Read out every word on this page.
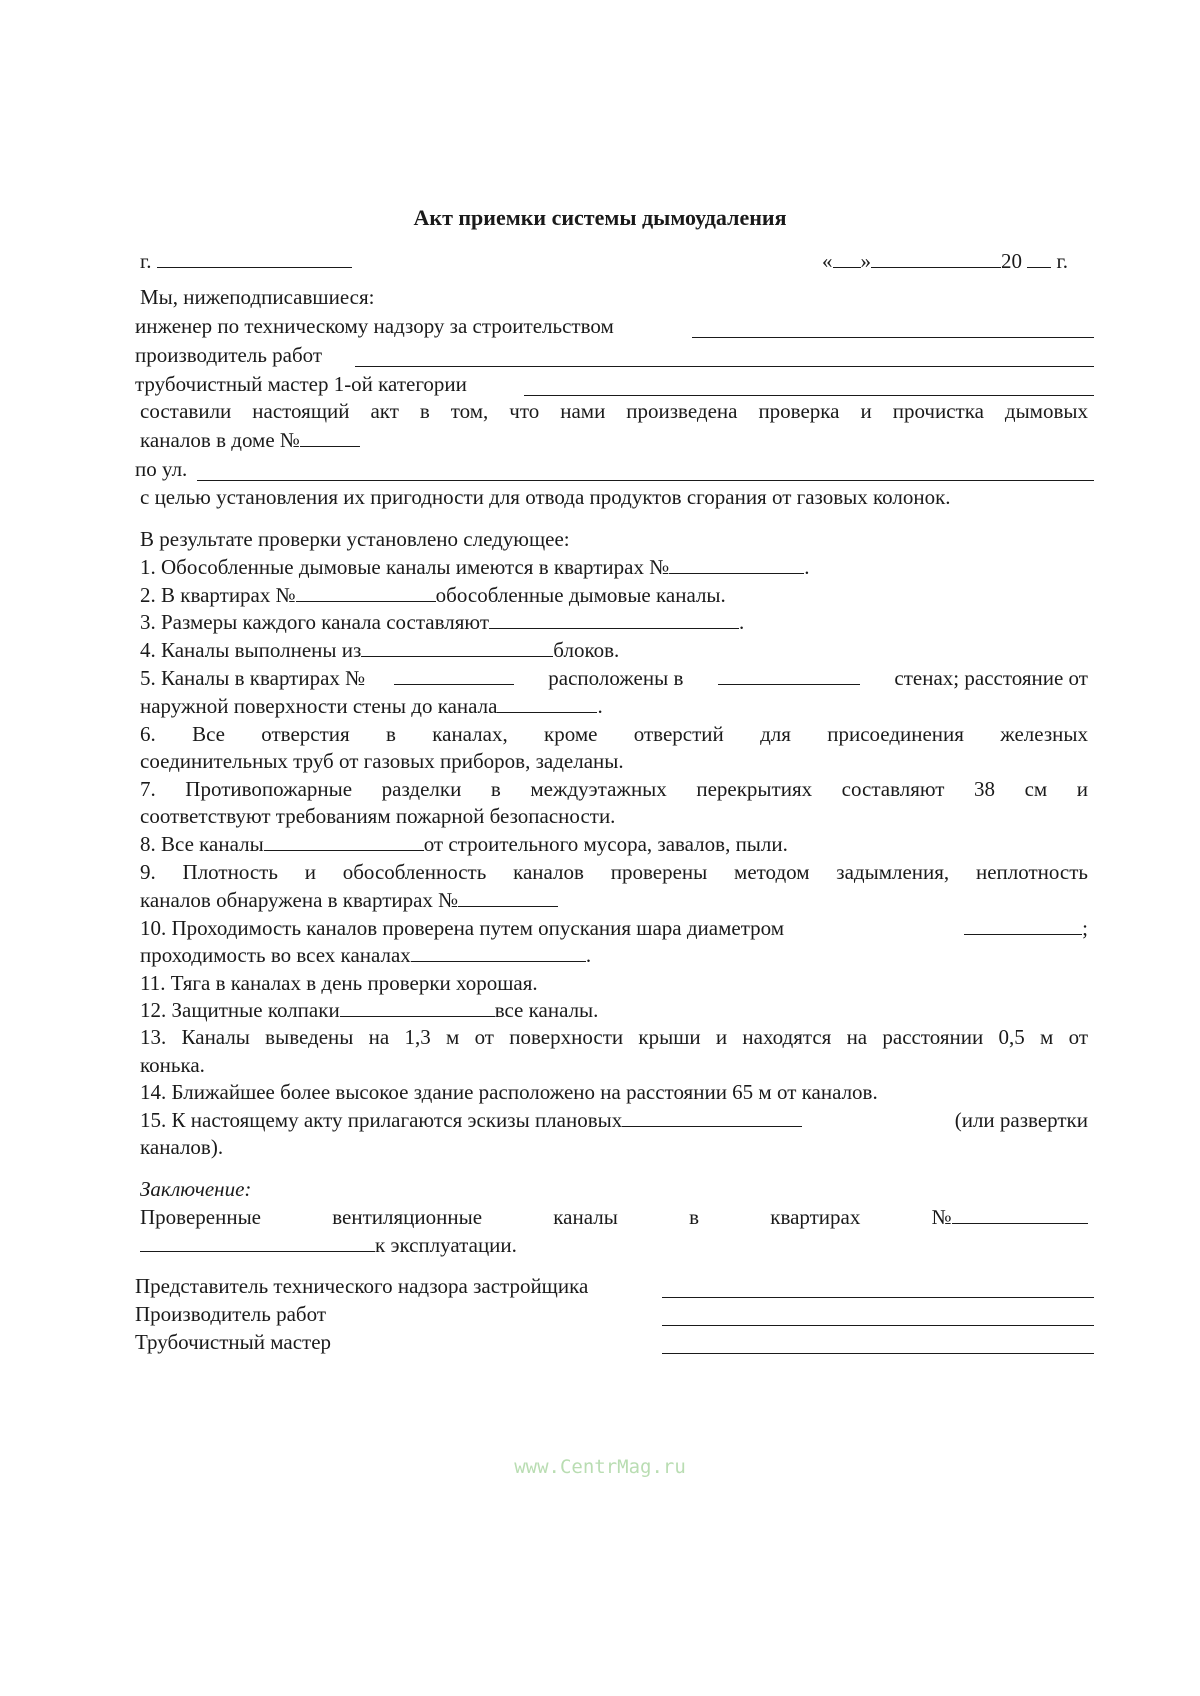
Акт приемки системы дымоудаления
г.	« »	20 г.
Мы, нижеподписавшиеся:
инженер по техническому надзору за строительством
производитель работ
трубочистный мастер 1-ой категории
составили настоящий акт в том, что нами произведена проверка и прочистка дымовых
каналов в доме №
по ул.
с целью установления их пригодности для отвода продуктов сгорания от газовых колонок.
В результате проверки установлено следующее:
1. Обособленные дымовые каналы имеются в квартирах №	.
2. В квартирах №	обособленные дымовые каналы.
3. Размеры каждого канала составляют	.
4. Каналы выполнены из	блоков.
5. Каналы в квартирах №	расположены в	стенах; расстояние от
наружной поверхности стены до канала	.
6. Все отверстия в каналах, кроме отверстий для присоединения железных
соединительных труб от газовых приборов, заделаны.
7. Противопожарные разделки в междуэтажных перекрытиях составляют 38 см и
соответствуют требованиям пожарной безопасности.
8. Все каналы	от строительного мусора, завалов, пыли.
9. Плотность и обособленность каналов проверены методом задымления, неплотность
каналов обнаружена в квартирах №
10. Проходимость каналов проверена путем опускания шара диаметром	;
проходимость во всех каналах	.
11. Тяга в каналах в день проверки хорошая.
12. Защитные колпаки	все каналы.
13. Каналы выведены на 1,3 м от поверхности крыши и находятся на расстоянии 0,5 м от
конька.
14. Ближайшее более высокое здание расположено на расстоянии 65 м от каналов.
15. К настоящему акту прилагаются эскизы плановых	(или развертки
каналов).
Заключение:
Проверенные вентиляционные каналы в квартирах №
к эксплуатации.
Представитель технического надзора застройщика
Производитель работ
Трубочистный мастер
www.CentrMag.ru
